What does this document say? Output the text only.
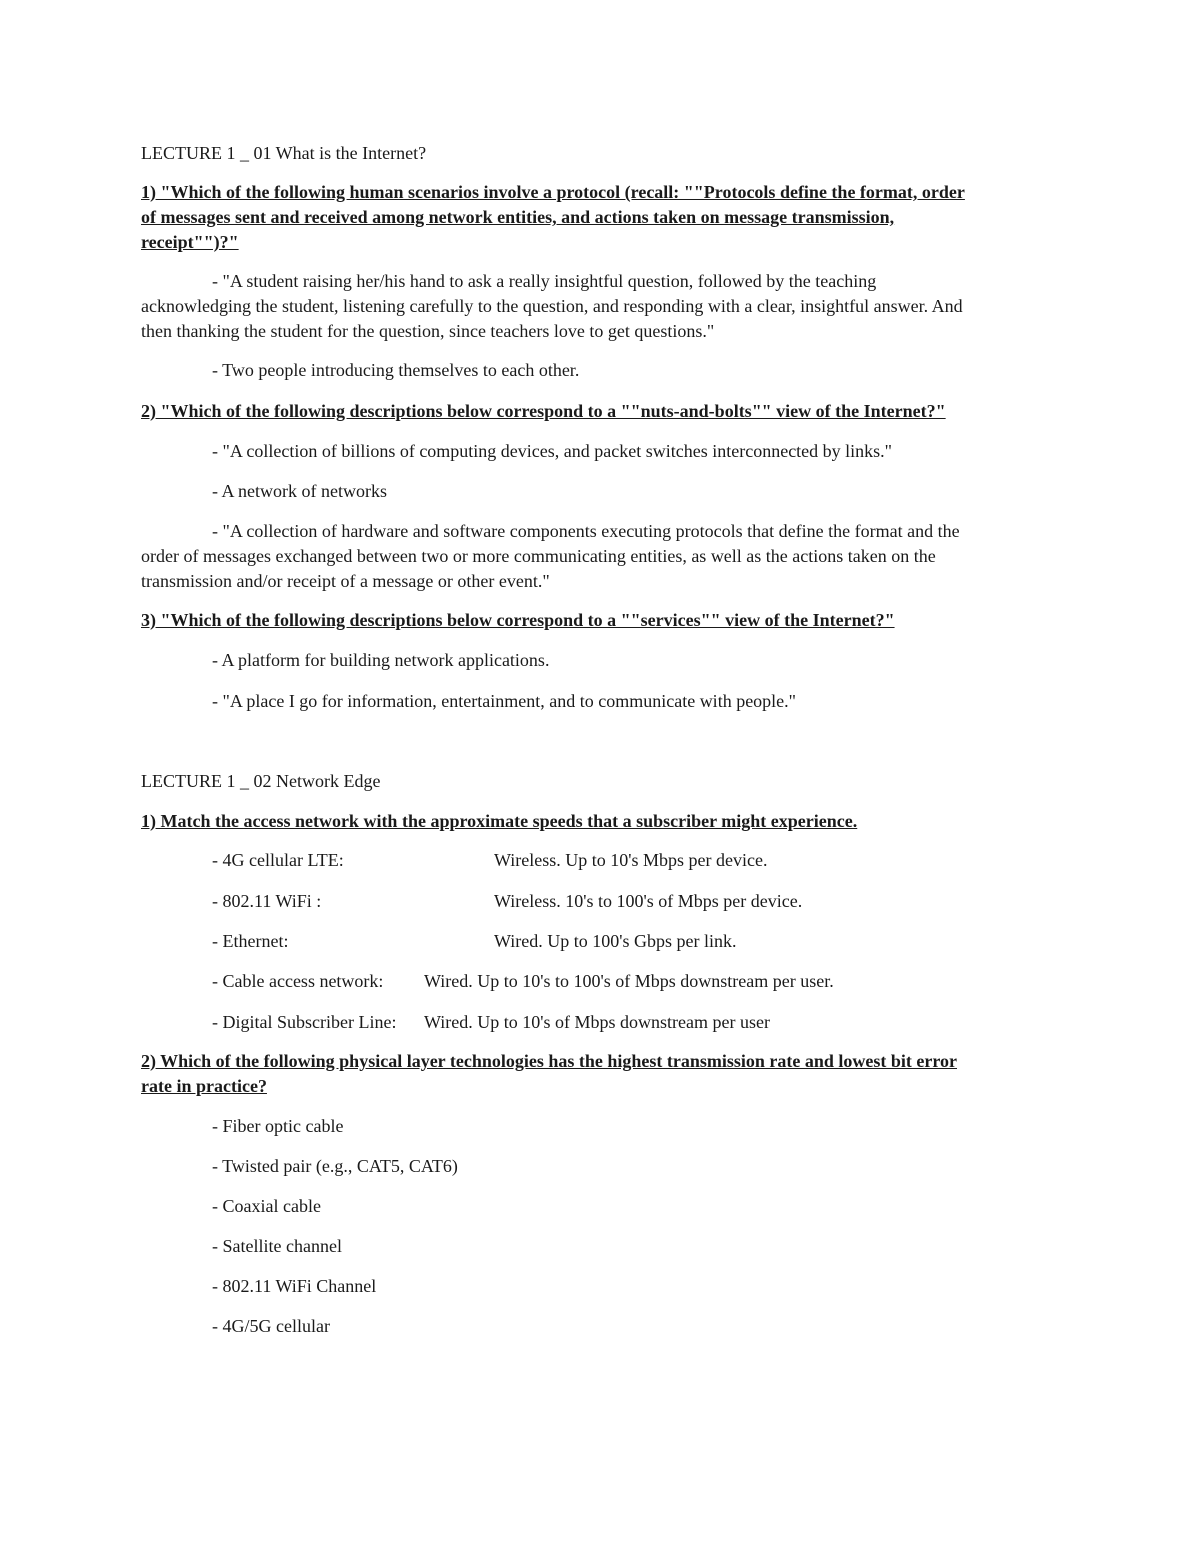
LECTURE 1 _ 01 What is the Internet?
1) "Which of the following human scenarios involve a protocol (recall: ""Protocols define the format, order
of messages sent and received among network entities, and actions taken on message transmission,
receipt"")?"
- "A student raising her/his hand to ask a really insightful question, followed by the teaching
acknowledging the student, listening carefully to the question, and responding with a clear, insightful answer. And
then thanking the student for the question, since teachers love to get questions."
- Two people introducing themselves to each other.
2) "Which of the following descriptions below correspond to a ""nuts-and-bolts"" view of the Internet?"
- "A collection of billions of computing devices, and packet switches interconnected by links."
- A network of networks
- "A collection of hardware and software components executing protocols that define the format and the
order of messages exchanged between two or more communicating entities, as well as the actions taken on the
transmission and/or receipt of a message or other event."
3) "Which of the following descriptions below correspond to a ""services"" view of the Internet?"
- A platform for building network applications.
- "A place I go for information, entertainment, and to communicate with people."
LECTURE 1 _ 02 Network Edge
1) Match the access network with the approximate speeds that a subscriber might experience.
- 4G cellular LTE:	Wireless. Up to 10's Mbps per device.
- 802.11 WiFi :	Wireless. 10's to 100's of Mbps per device.
- Ethernet:	Wired. Up to 100's Gbps per link.
- Cable access network: Wired. Up to 10's to 100's of Mbps downstream per user.
- Digital Subscriber Line: Wired. Up to 10's of Mbps downstream per user
2) Which of the following physical layer technologies has the highest transmission rate and lowest bit error
rate in practice?
- Fiber optic cable
- Twisted pair (e.g., CAT5, CAT6)
- Coaxial cable
- Satellite channel
- 802.11 WiFi Channel
- 4G/5G cellular
